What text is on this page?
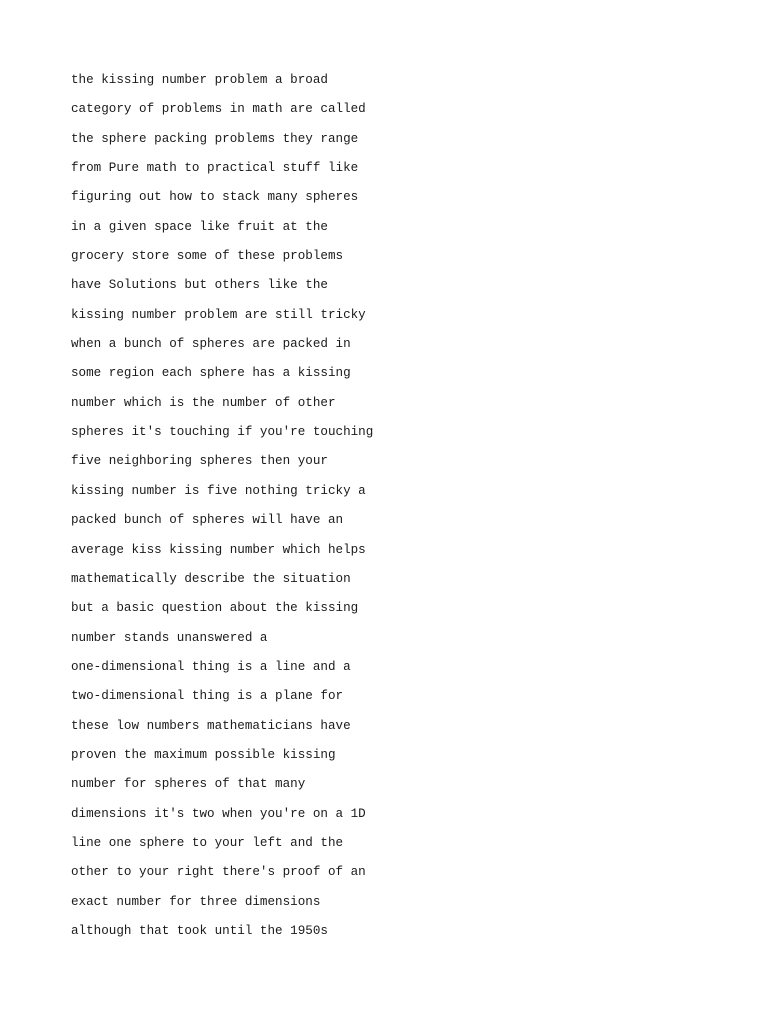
the kissing number problem a broad
category of problems in math are called
the sphere packing problems they range
from Pure math to practical stuff like
figuring out how to stack many spheres
in a given space like fruit at the
grocery store some of these problems
have Solutions but others like the
kissing number problem are still tricky
when a bunch of spheres are packed in
some region each sphere has a kissing
number which is the number of other
spheres it's touching if you're touching
five neighboring spheres then your
kissing number is five nothing tricky a
packed bunch of spheres will have an
average kiss kissing number which helps
mathematically describe the situation
but a basic question about the kissing
number stands unanswered a
one-dimensional thing is a line and a
two-dimensional thing is a plane for
these low numbers mathematicians have
proven the maximum possible kissing
number for spheres of that many
dimensions it's two when you're on a 1D
line one sphere to your left and the
other to your right there's proof of an
exact number for three dimensions
although that took until the 1950s
